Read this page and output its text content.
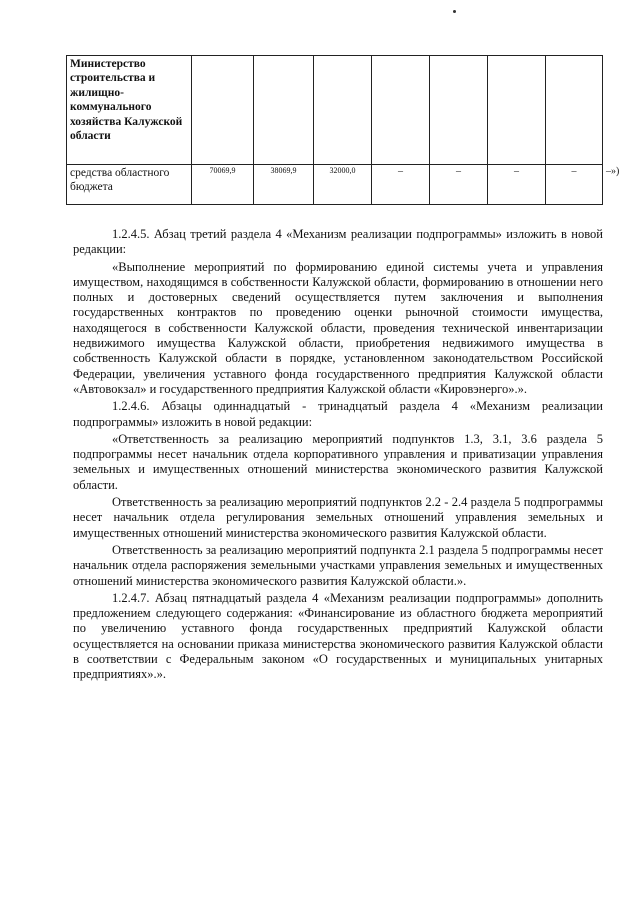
Министерство строительства и жилищно-коммунального хозяйства Калужской области								
средства областного бюджета	70069,9	38069,9	32000,0	–	–	–	–	–»)

1.2.4.5. Абзац третий раздела 4 «Механизм реализации подпрограммы» изложить в новой редакции:

«Выполнение мероприятий по формированию единой системы учета и управления имуществом, находящимся в собственности Калужской области, формированию в отношении него полных и достоверных сведений осуществляется путем заключения и выполнения государственных контрактов по проведению оценки рыночной стоимости имущества, находящегося в собственности Калужской области, проведения технической инвентаризации недвижимого имущества Калужской области, приобретения недвижимого имущества в собственность Калужской области в порядке, установленном законодательством Российской Федерации, увеличения уставного фонда государственного предприятия Калужской области «Автовокзал» и государственного предприятия Калужской области «Кировэнерго».».

1.2.4.6. Абзацы одиннадцатый - тринадцатый раздела 4 «Механизм реализации подпрограммы» изложить в новой редакции:

«Ответственность за реализацию мероприятий подпунктов 1.3, 3.1, 3.6 раздела 5 подпрограммы несет начальник отдела корпоративного управления и приватизации управления земельных и имущественных отношений министерства экономического развития Калужской области.

Ответственность за реализацию мероприятий подпунктов 2.2 - 2.4 раздела 5 подпрограммы несет начальник отдела регулирования земельных отношений управления земельных и имущественных отношений министерства экономического развития Калужской области.

Ответственность за реализацию мероприятий подпункта 2.1 раздела 5 подпрограммы несет начальник отдела распоряжения земельными участками управления земельных и имущественных отношений министерства экономического развития Калужской области.».

1.2.4.7. Абзац пятнадцатый раздела 4 «Механизм реализации подпрограммы» дополнить предложением следующего содержания: «Финансирование из областного бюджета мероприятий по увеличению уставного фонда государственных предприятий Калужской области осуществляется на основании приказа министерства экономического развития Калужской области в соответствии с Федеральным законом «О государственных и муниципальных унитарных предприятиях».».
